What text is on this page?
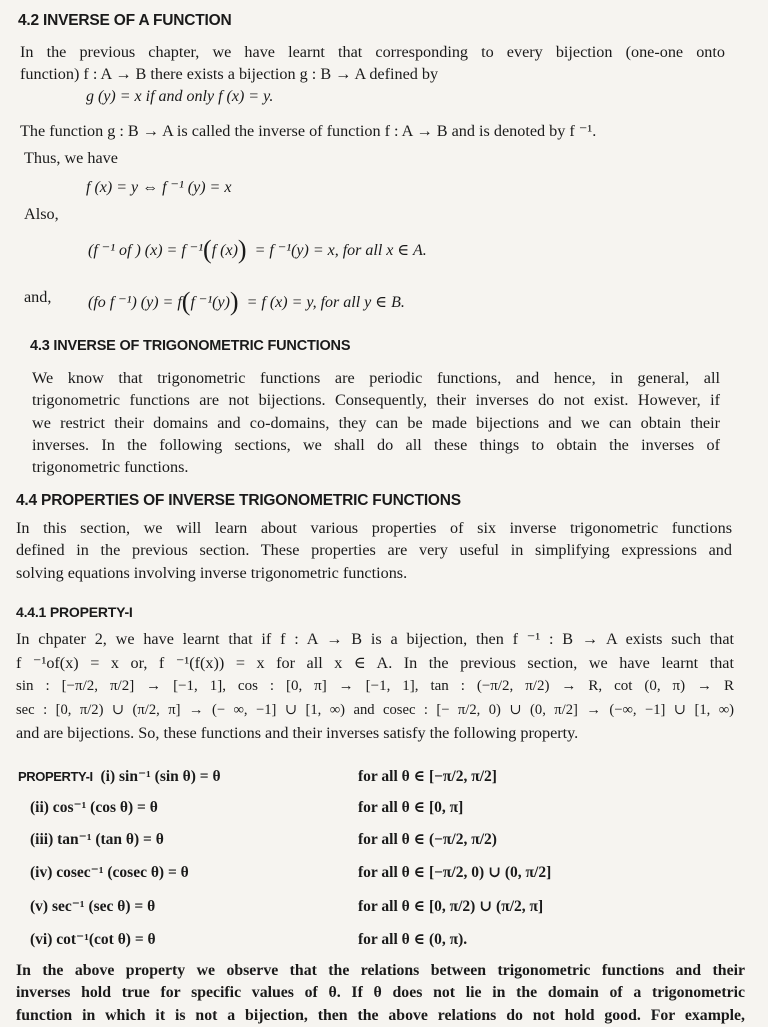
4.2 INVERSE OF A FUNCTION
In the previous chapter, we have learnt that corresponding to every bijection (one-one onto
function) f : A → B there exists a bijection g : B → A defined by
g (y) = x if and only f (x) = y.
The function g : B → A is called the inverse of function f : A → B and is denoted by f ⁻¹.
Thus, we have
f (x) = y ⇔ f ⁻¹ (y) = x
Also,
(f ⁻¹ of ) (x) = f ⁻¹(f (x)) = f ⁻¹(y) = x, for all x ∈ A.
and, (fo f ⁻¹) (y) = f(f ⁻¹(y)) = f (x) = y, for all y ∈ B.
4.3 INVERSE OF TRIGONOMETRIC FUNCTIONS
We know that trigonometric functions are periodic functions, and hence, in general, all
trigonometric functions are not bijections. Consequently, their inverses do not exist. However, if
we restrict their domains and co-domains, they can be made bijections and we can obtain their
inverses. In the following sections, we shall do all these things to obtain the inverses of
trigonometric functions.
4.4 PROPERTIES OF INVERSE TRIGONOMETRIC FUNCTIONS
In this section, we will learn about various properties of six inverse trigonometric functions
defined in the previous section. These properties are very useful in simplifying expressions and
solving equations involving inverse trigonometric functions.
4.4.1 PROPERTY-I
In chpater 2, we have learnt that if f : A → B is a bijection, then f ⁻¹ : B → A exists such that
f ⁻¹of(x) = x or, f ⁻¹(f(x)) = x for all x ∈ A. In the previous section, we have learnt that
sin : [−π/2, π/2] → [−1, 1], cos : [0, π] → [−1, 1], tan : (−π/2, π/2) → R, cot (0, π) → R
sec : [0, π/2) ∪ (π/2, π] → (− ∞, −1] ∪ [1, ∞) and cosec : [− π/2, 0) ∪ (0, π/2] → (−∞, −1] ∪ [1, ∞)
and are bijections. So, these functions and their inverses satisfy the following property.
PROPERTY-I (i) sin⁻¹ (sin θ) = θ	for all θ ∈ [−π/2, π/2]
(ii) cos⁻¹ (cos θ) = θ	for all θ ∈ [0, π]
(iii) tan⁻¹ (tan θ) = θ	for all θ ∈ (−π/2, π/2)
(iv) cosec⁻¹ (cosec θ) = θ	for all θ ∈ [−π/2, 0) ∪ (0, π/2]
(v) sec⁻¹ (sec θ) = θ	for all θ ∈ [0, π/2) ∪ (π/2, π]
(vi) cot⁻¹(cot θ) = θ	for all θ ∈ (0, π).
In the above property we observe that the relations between trigonometric functions and their
inverses hold true for specific values of θ. If θ does not lie in the domain of a trigonometric
function in which it is not a bijection, then the above relations do not hold good. For example,
